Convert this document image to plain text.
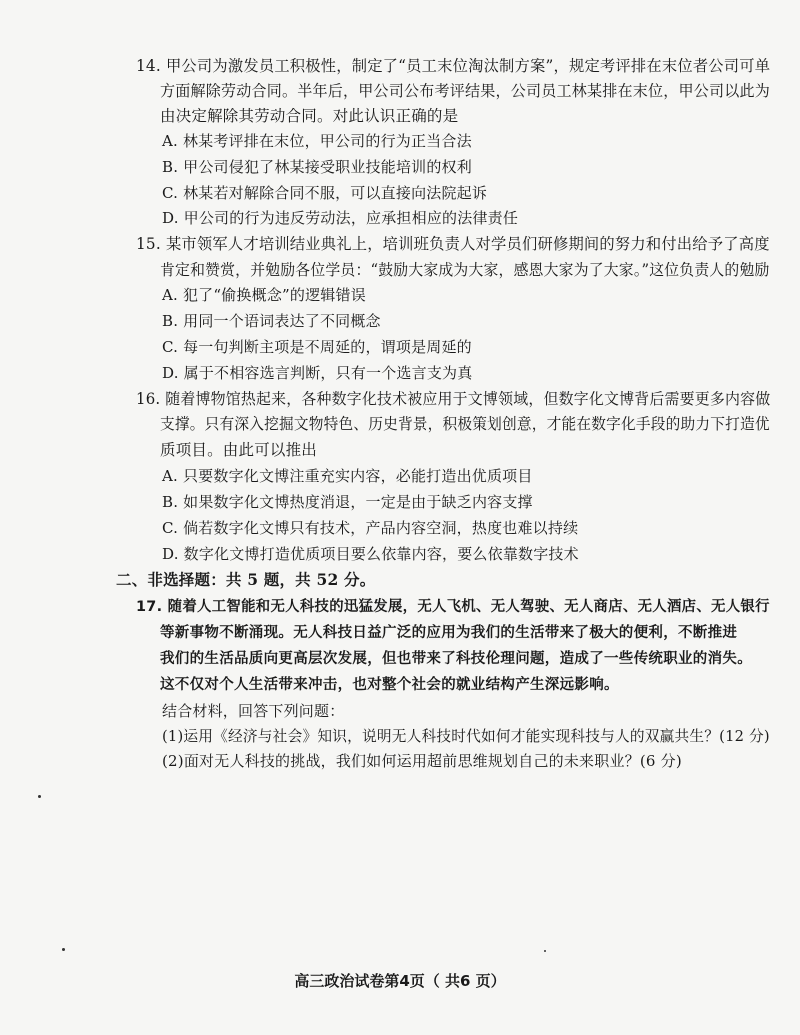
14. 甲公司为激发员工积极性，制定了“员工末位淘汰制方案”，规定考评排在末位者公司可单
方面解除劳动合同。半年后，甲公司公布考评结果，公司员工林某排在末位，甲公司以此为
由决定解除其劳动合同。对此认识正确的是
A. 林某考评排在末位，甲公司的行为正当合法
B. 甲公司侵犯了林某接受职业技能培训的权利
C. 林某若对解除合同不服，可以直接向法院起诉
D. 甲公司的行为违反劳动法，应承担相应的法律责任
15. 某市领军人才培训结业典礼上，培训班负责人对学员们研修期间的努力和付出给予了高度
肯定和赞赏，并勉励各位学员：“鼓励大家成为大家，感恩大家为了大家。”这位负责人的勉励
A. 犯了“偷换概念”的逻辑错误
B. 用同一个语词表达了不同概念
C. 每一句判断主项是不周延的，谓项是周延的
D. 属于不相容选言判断，只有一个选言支为真
16. 随着博物馆热起来，各种数字化技术被应用于文博领域，但数字化文博背后需要更多内容做
支撑。只有深入挖掘文物特色、历史背景，积极策划创意，才能在数字化手段的助力下打造优
质项目。由此可以推出
A. 只要数字化文博注重充实内容，必能打造出优质项目
B. 如果数字化文博热度消退，一定是由于缺乏内容支撑
C. 倘若数字化文博只有技术，产品内容空洞，热度也难以持续
D. 数字化文博打造优质项目要么依靠内容，要么依靠数字技术
二、非选择题：共 5 题，共 52 分。
17. 随着人工智能和无人科技的迅猛发展，无人飞机、无人驾驶、无人商店、无人酒店、无人银行
等新事物不断涌现。无人科技日益广泛的应用为我们的生活带来了极大的便利，不断推进
我们的生活品质向更高层次发展，但也带来了科技伦理问题，造成了一些传统职业的消失。
这不仅对个人生活带来冲击，也对整个社会的就业结构产生深远影响。
结合材料，回答下列问题：
(1)运用《经济与社会》知识，说明无人科技时代如何才能实现科技与人的双赢共生？(12 分)
(2)面对无人科技的挑战，我们如何运用超前思维规划自己的未来职业？(6 分)
高三政治试卷第4页（ 共6 页）
